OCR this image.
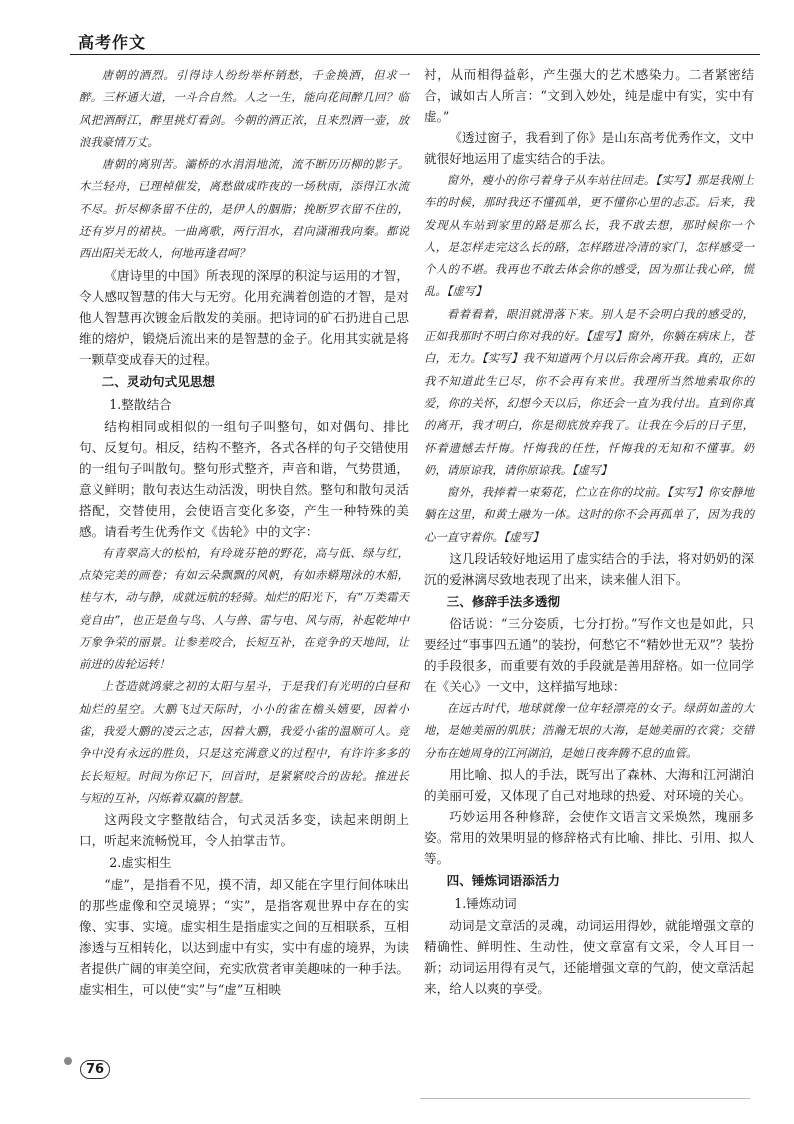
高考作文

唐朝的酒烈。引得诗人纷纷举杯销愁，千金换酒，但求一醉。三杯通大道，一斗合自然。人之一生，能向花间醉几回？临风把酒酹江，醉里挑灯看剑。今朝的酒正浓，且来烈酒一壶，放浪我豪情万丈。

唐朝的离别苦。灞桥的水涓涓地流，流不断历历柳的影子。木兰轻舟，已理棹催发，离愁做成昨夜的一场秋雨，添得江水流不尽。折尽柳条留不住的，是伊人的胭脂；挽断罗衣留不住的，还有岁月的裙袂。一曲离歌，两行泪水，君向潇湘我向秦。都说西出阳关无故人，何地再逢君呵？

《唐诗里的中国》所表现的深厚的积淀与运用的才智，令人感叹智慧的伟大与无穷。化用充满着创造的才智，是对他人智慧再次镀金后散发的美丽。把诗词的矿石扔进自己思维的熔炉，锻烧后流出来的是智慧的金子。化用其实就是将一颗草变成春天的过程。

二、灵动句式见思想
1.整散结合

结构相同或相似的一组句子叫整句，如对偶句、排比句、反复句。相反，结构不整齐，各式各样的句子交错使用的一组句子叫散句。整句形式整齐，声音和谐，气势贯通，意义鲜明；散句表达生动活泼，明快自然。整句和散句灵活搭配，交替使用，会使语言变化多姿，产生一种特殊的美感。请看考生优秀作文《齿轮》中的文字：

有青翠高大的松柏，有玲珑芬艳的野花，高与低、绿与红，点染完美的画卷；有如云朵飘飘的风帆，有如赤蟒翔泳的木船，桂与木，动与静，成就远航的轻骑。灿烂的阳光下，有“万类霜天竞自由”，也正是鱼与鸟、人与兽、雷与电、风与雨，补起乾坤中万象争荣的丽景。让参差咬合，长短互补，在竞争的天地间，让前进的齿轮运转！

上苍造就鸿蒙之初的太阳与星斗，于是我们有光明的白昼和灿烂的星空。大鹏飞过天际时，小小的雀在檐头嬉要，因着小雀，我爱大鹏的凌云之志，因着大鹏，我爱小雀的温顺可人。竞争中没有永远的胜负，只是这充满意义的过程中，有许许多多的长长短短。时间为你记下，回首时，是紧紧咬合的齿轮。推进长与短的互补，闪烁着双赢的智慧。

这两段文字整散结合，句式灵活多变，读起来朗朗上口，听起来流畅悦耳，令人拍掌击节。

2.虚实相生

“虚”，是指看不见，摸不清，却又能在字里行间体味出的那些虚像和空灵境界；“实”，是指客观世界中存在的实像、实事、实境。虚实相生是指虚实之间的互相联系，互相渗透与互相转化，以达到虚中有实，实中有虚的境界，为读者提供广阔的审美空间，充实欣赏者审美趣味的一种手法。虚实相生，可以使“实”与“虚”互相映

衬，从而相得益彰，产生强大的艺术感染力。二者紧密结合，诚如古人所言：“文到入妙处，纯是虚中有实，实中有虚。”

《透过窗子，我看到了你》是山东高考优秀作文，文中就很好地运用了虚实结合的手法。

窗外，瘦小的你弓着身子从车站往回走。【实写】那是我刚上车的时候，那时我还不懂孤单，更不懂你心里的忐忑。后来，我发现从车站到家里的路是那么长，我不敢去想，那时候你一个人，是怎样走完这么长的路，怎样踏进冷清的家门，怎样感受一个人的不堪。我再也不敢去体会你的感受，因为那让我心碎，慌乱。【虚写】

看着看着，眼泪就滑落下来。别人是不会明白我的感受的，正如我那时不明白你对我的好。【虚写】窗外，你躺在病床上，苍白，无力。【实写】我不知道两个月以后你会离开我。真的，正如我不知道此生已尽，你不会再有来世。我理所当然地索取你的爱，你的关怀，幻想今天以后，你还会一直为我付出。直到你真的离开，我才明白，你是彻底放弃我了。让我在今后的日子里，怀着遗憾去忏悔。忏悔我的任性，忏悔我的无知和不懂事。奶奶，请原谅我，请你原谅我。【虚写】

窗外，我捧着一束菊花，伫立在你的坟前。【实写】你安静地躺在这里，和黄土融为一体。这时的你不会再孤单了，因为我的心一直守着你。【虚写】

这几段话较好地运用了虚实结合的手法，将对奶奶的深沉的爱淋漓尽致地表现了出来，读来催人泪下。

三、修辞手法多透彻

俗话说：“三分姿质，七分打扮。”写作文也是如此，只要经过“事事四五通”的装扮，何愁它不“精妙世无双”？装扮的手段很多，而重要有效的手段就是善用辞格。如一位同学在《关心》一文中，这样描写地球：

在远古时代，地球就像一位年轻漂亮的女子。绿荫如盖的大地，是她美丽的肌肤；浩瀚无垠的大海，是她美丽的衣裳；交错分布在她周身的江河湖泊，是她日夜奔腾不息的血管。

用比喻、拟人的手法，既写出了森林、大海和江河湖泊的美丽可爱，又体现了自己对地球的热爱、对环境的关心。

巧妙运用各种修辞，会使作文语言文采焕然，瑰丽多姿。常用的效果明显的修辞格式有比喻、排比、引用、拟人等。

四、锤炼词语添活力
1.锤炼动词

动词是文章活的灵魂，动词运用得妙，就能增强文章的精确性、鲜明性、生动性，使文章富有文采，令人耳目一新；动词运用得有灵气，还能增强文章的气韵，使文章活起来，给人以爽的享受。

76
